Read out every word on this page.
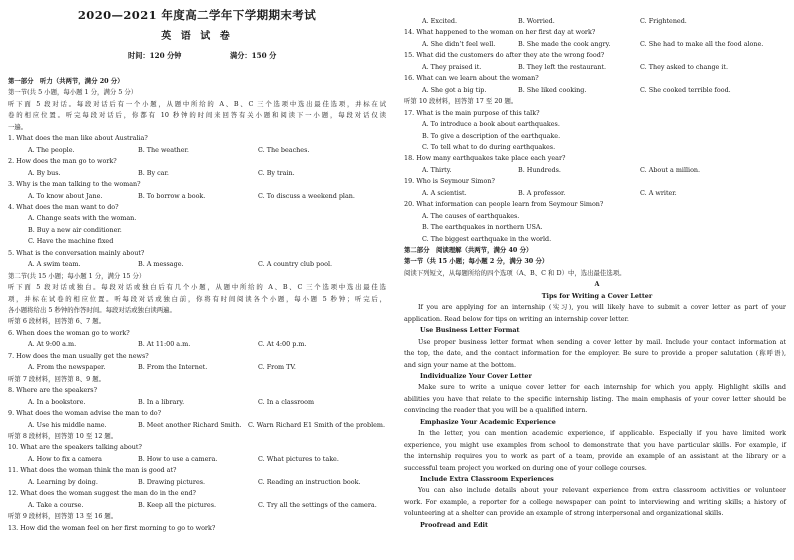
2020—2021 年度高二学年下学期期末考试
英 语 试 卷
时间：120 分钟	满分：150 分
第一部分　听力（共两节，满分 20 分）
第一节(共 5 小题，每小题 1 分，满分 5 分）
听下面 5 段对话。每段对话后有一个小题，从题中所给的 A、B、C 三个选项中选出最佳选项，并标在试
卷的相应位置。听完每段对话后，你都有 10 秒钟的时间来回答有关小题和阅读下一小题，每段对话仅读
一遍。
1. What does the man like about Australia?
A. The people.	B. The weather.	C. The beaches.
2. How does the man go to work?
A. By bus.	B. By car.	C. By train.
3. Why is the man talking to the woman?
A. To know about Jane.	B. To borrow a book.	C. To discuss a weekend plan.
4. What does the man want to do?
A. Change seats with the woman.
B. Buy a new air conditioner.
C. Have the machine fixed
5. What is the conversation mainly about?
A. A swim team.	B. A message.	C. A country club pool.
第二节(共 15 小题；每小题 1 分，满分 15 分）
听下面 5 段对话或独白。每段对话或独白后有几个小题，从题中所给的 A、B、C 三个选项中选出最佳选
项，并标在试卷的相应位置。听每段对话或独白前，你将有时间阅读各个小题，每小题 5 秒钟；听完后，
各小题将给出 5 秒钟的作答时间。每段对话或独白读两遍。
听第 6 段材料，回答第 6、7 题。
6. When does the woman go to work?
A. At 9:00 a.m.	B. At 11:00 a.m.	C. At 4:00 p.m.
7. How does the man usually get the news?
A. From the newspaper.	B. From the Internet.	C. From TV.
听第 7 段材料，回答第 8、9 题。
8. Where are the speakers?
A. In a bookstore.	B. In a library.	C. In a classroom
9. What does the woman advise the man to do?
A. Use his middle name.	B. Meet another Richard Smith. C. Warn Richard E1 Smith of the problem.
听第 8 段材料，回答第 10 至 12 题。
10. What are the speakers talking about?
A. How to fix a camera	B. How to use a camera.	C. What pictures to take.
11. What does the woman think the man is good at?
A. Learning by doing.	B. Drawing pictures.	C. Reading an instruction book.
12. What does the woman suggest the man do in the end?
A. Take a course.	B. Keep all the pictures.	C. Try all the settings of the camera.
听第 9 段材料，回答第 13 至 16 题。
13. How did the woman feel on her first morning to go to work?
A. Excited.	B. Worried.	C. Frightened.
14. What happened to the woman on her first day at work?
A. She didn’t feel well.	B. She made the cook angry.	C. She had to make all the food alone.
15. What did the customers do after they ate the wrong food?
A. They praised it.	B. They left the restaurant.	C. They asked to change it.
16. What can we learn about the woman?
A. She got a big tip.	B. She liked cooking.	C. She cooked terrible food.
听第 10 段材料，回答第 17 至 20 题。
17. What is the main purpose of this talk?
A. To introduce a book about earthquakes.
B. To give a description of the earthquake.
C. To tell what to do during earthquakes.
18. How many earthquakes take place each year?
A. Thirty.	B. Hundreds.	C. About a million.
19. Who is Seymour Simon?
A. A scientist.	B. A professor.	C. A writer.
20. What information can people learn from Seymour Simon?
A. The causes of earthquakes.
B. The earthquakes in northern USA.
C. The biggest earthquake in the world.
第二部分　阅读理解（共两节，满分 40 分）
第一节（共 15 小题；每小题 2 分，满分 30 分）
阅读下列短文，从每题所给的四个选项（A、B、C 和 D）中，选出最佳选项。
A
Tips for Writing a Cover Letter
If you are applying for an internship (实习), you will likely have to submit a cover letter as part of your
application. Read below for tips on writing an internship cover letter.
Use Business Letter Format
Use proper business letter format when sending a cover letter by mail. Include your contact information at
the top, the date, and the contact information for the employer. Be sure to provide a proper salutation (称呼语),
and sign your name at the bottom.
Individualize Your Cover Letter
Make sure to write a unique cover letter for each internship for which you apply. Highlight skills and
abilities you have that relate to the specific internship listing. The main emphasis of your cover letter should be
convincing the reader that you will be a qualified intern.
Emphasize Your Academic Experience
In the letter, you can mention academic experience, if applicable. Especially if you have limited work
experience, you might use examples from school to demonstrate that you have particular skills. For example, if
the internship requires you to work as part of a team, provide an example of an assistant at the library or a
successful team project you worked on during one of your college courses.
Include Extra Classroom Experiences
You can also include details about your relevant experience from extra classroom activities or volunteer
work. For example, a reporter for a college newspaper can point to interviewing and writing skills; a history of
volunteering at a shelter can provide an example of strong interpersonal and organizational skills.
Proofread and Edit
